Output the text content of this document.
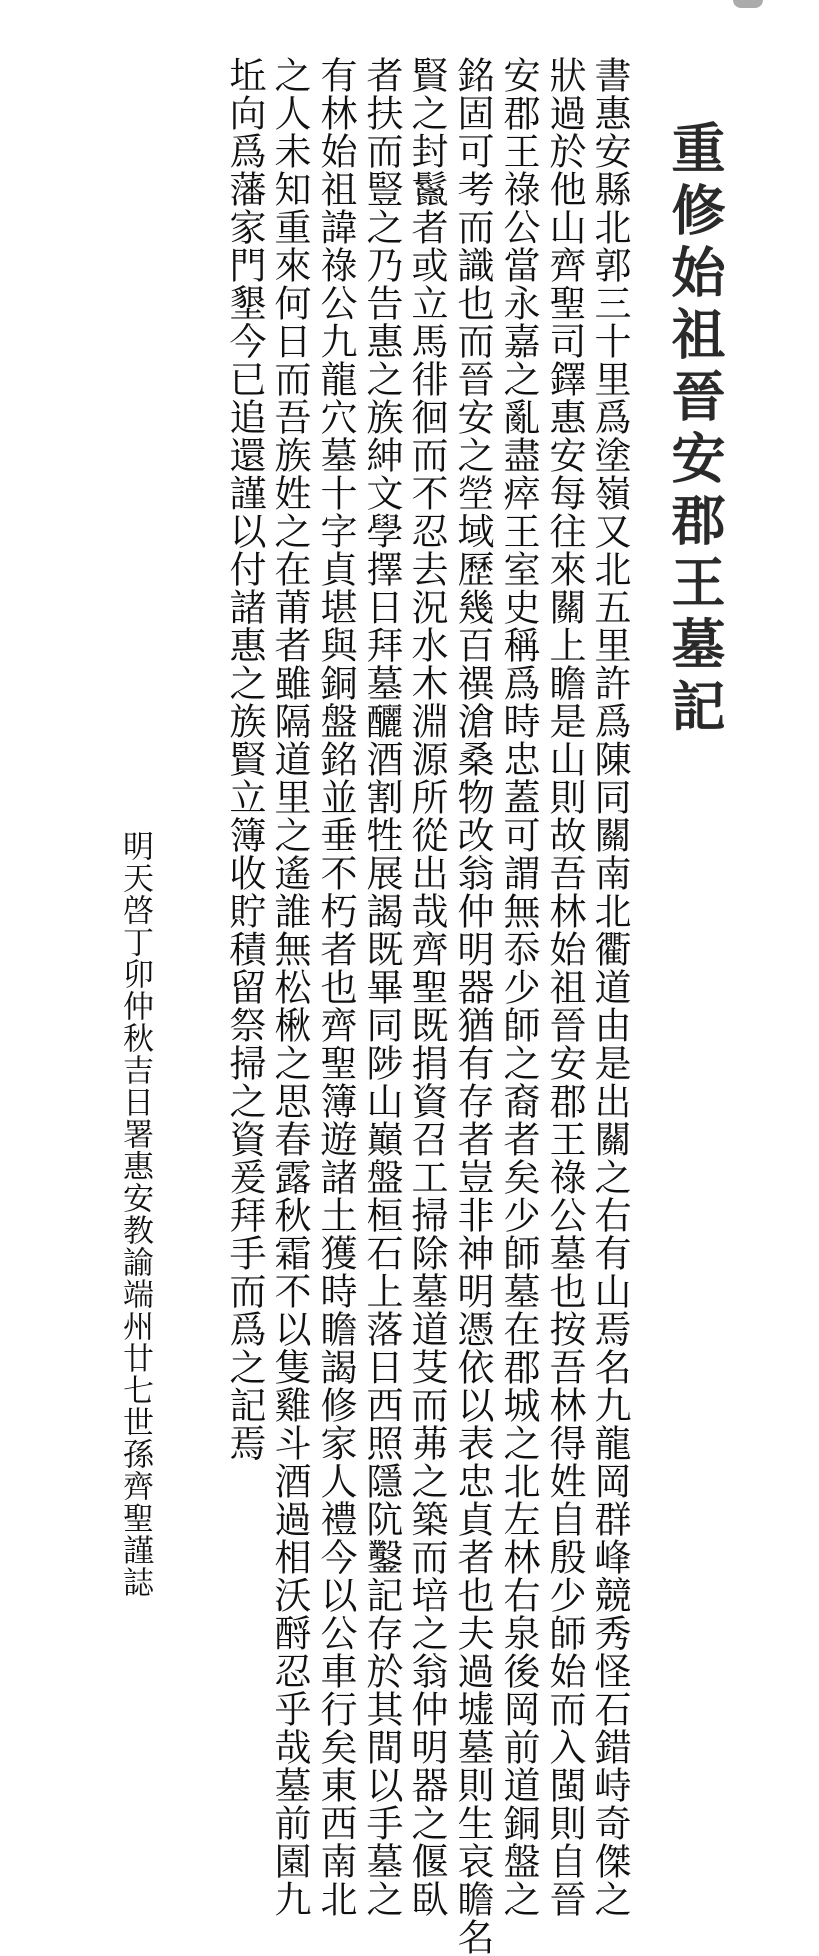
重修始祖晉安郡王墓記
書惠安縣北郭三十里爲塗嶺又北五里許爲陳同關南北衢道由是出關之右有山焉名九龍岡群峰競秀怪石錯峙奇傑之
狀過於他山齊聖司鐸惠安每往來關上瞻是山則故吾林始祖晉安郡王祿公墓也按吾林得姓自殷少師始而入閩則自晉
安郡王祿公當永嘉之亂盡瘁王室史稱爲時忠蓋可謂無忝少師之裔者矣少師墓在郡城之北左林右泉後岡前道銅盤之
銘固可考而識也而晉安之塋域歷幾百禩滄桑物改翁仲明器猶有存者豈非神明憑依以表忠貞者也夫過墟墓則生哀瞻名
賢之封鬣者或立馬徘徊而不忍去況水木淵源所從出哉齊聖既捐資召工掃除墓道芟而茀之築而培之翁仲明器之偃臥
者扶而豎之乃告惠之族紳文學擇日拜墓釃酒割牲展謁既畢同陟山巔盤桓石上落日西照隱阬鑿記存於其間以手墓之
有林始祖諱祿公九龍穴墓十字貞堪與銅盤銘並垂不朽者也齊聖簿遊諸土獲時瞻謁修家人禮今以公車行矣東西南北
之人未知重來何日而吾族姓之在莆者雖隔道里之遙誰無松楸之思春露秋霜不以隻雞斗酒過相沃酹忍乎哉墓前園九
坵向爲藩家門墾今已追還謹以付諸惠之族賢立簿收貯積留祭掃之資爰拜手而爲之記焉
明天啓丁卯仲秋吉日署惠安教諭端州廿七世孫齊聖謹誌
